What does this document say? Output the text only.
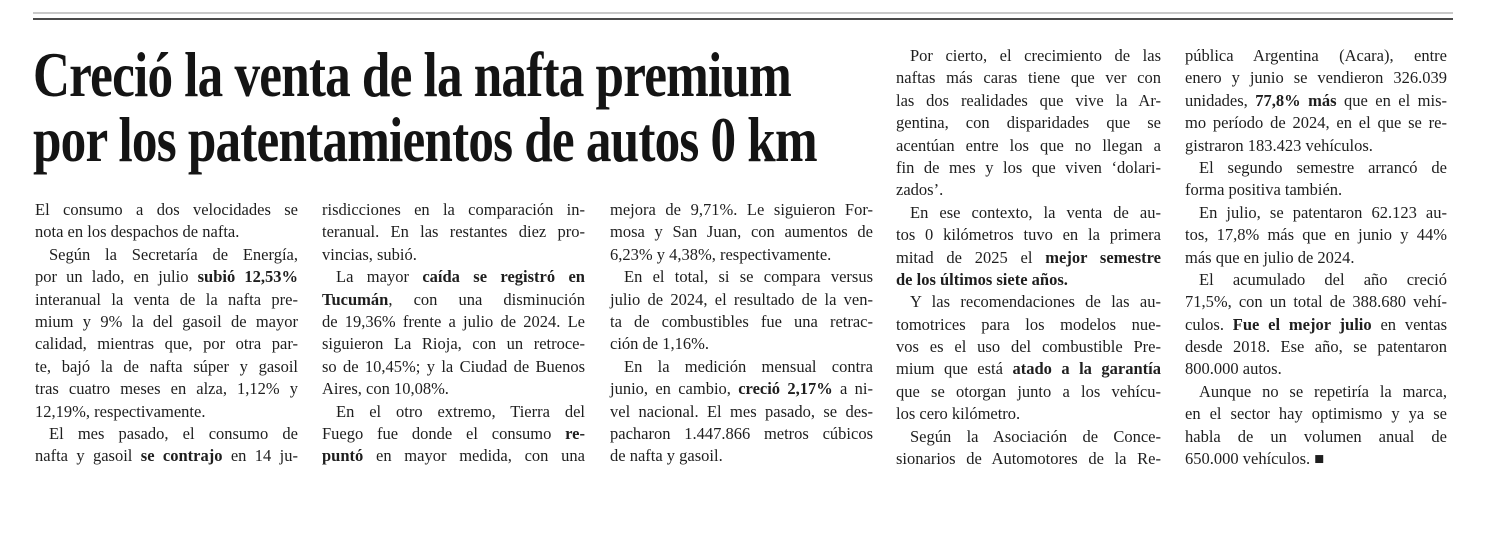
Creció la venta de la nafta premium
por los patentamientos de autos 0 km
El consumo a dos velocidades se
nota en los despachos de nafta.
Según la Secretaría de Energía,
por un lado, en julio subió 12,53%
interanual la venta de la nafta pre-
mium y 9% la del gasoil de mayor
calidad, mientras que, por otra par-
te, bajó la de nafta súper y gasoil
tras cuatro meses en alza, 1,12% y
12,19%, respectivamente.
El mes pasado, el consumo de
nafta y gasoil se contrajo en 14 ju-
risdicciones en la comparación in-
teranual. En las restantes diez pro-
vincias, subió.
La mayor caída se registró en
Tucumán, con una disminución
de 19,36% frente a julio de 2024. Le
siguieron La Rioja, con un retroce-
so de 10,45%; y la Ciudad de Buenos
Aires, con 10,08%.
En el otro extremo, Tierra del
Fuego fue donde el consumo re-
puntó en mayor medida, con una
mejora de 9,71%. Le siguieron For-
mosa y San Juan, con aumentos de
6,23% y 4,38%, respectivamente.
En el total, si se compara versus
julio de 2024, el resultado de la ven-
ta de combustibles fue una retrac-
ción de 1,16%.
En la medición mensual contra
junio, en cambio, creció 2,17% a ni-
vel nacional. El mes pasado, se des-
pacharon 1.447.866 metros cúbicos
de nafta y gasoil.
Por cierto, el crecimiento de las
naftas más caras tiene que ver con
las dos realidades que vive la Ar-
gentina, con disparidades que se
acentúan entre los que no llegan a
fin de mes y los que viven ‘dolari-
zados’.
En ese contexto, la venta de au-
tos 0 kilómetros tuvo en la primera
mitad de 2025 el mejor semestre
de los últimos siete años.
Y las recomendaciones de las au-
tomotrices para los modelos nue-
vos es el uso del combustible Pre-
mium que está atado a la garantía
que se otorgan junto a los vehícu-
los cero kilómetro.
Según la Asociación de Conce-
sionarios de Automotores de la Re-
pública Argentina (Acara), entre
enero y junio se vendieron 326.039
unidades, 77,8% más que en el mis-
mo período de 2024, en el que se re-
gistraron 183.423 vehículos.
El segundo semestre arrancó de
forma positiva también.
En julio, se patentaron 62.123 au-
tos, 17,8% más que en junio y 44%
más que en julio de 2024.
El acumulado del año creció
71,5%, con un total de 388.680 vehí-
culos. Fue el mejor julio en ventas
desde 2018. Ese año, se patentaron
800.000 autos.
Aunque no se repetiría la marca,
en el sector hay optimismo y ya se
habla de un volumen anual de
650.000 vehículos. ■
